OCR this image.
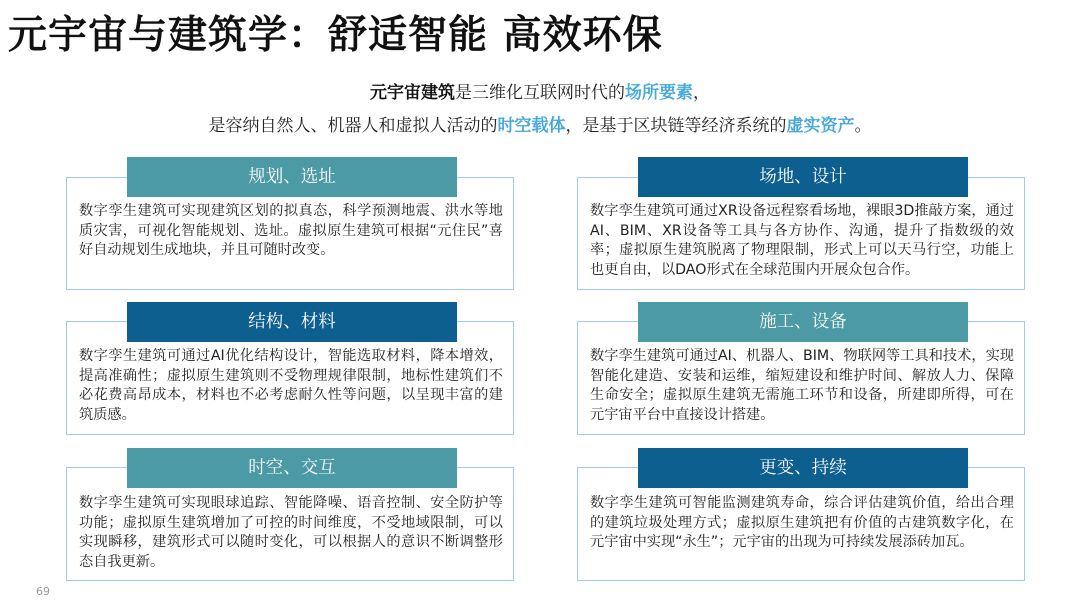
元宇宙与建筑学：舒适智能 高效环保
元宇宙建筑是三维化互联网时代的场所要素，
是容纳自然人、机器人和虚拟人活动的时空载体，是基于区块链等经济系统的虚实资产。

数字孪生建筑可实现建筑区划的拟真态，科学预测地震、洪水等地质灾害，可视化智能规划、选址。虚拟原生建筑可根据“元住民”喜好自动规划生成地块，并且可随时改变。

规划、选址

数字孪生建筑可通过AI优化结构设计，智能选取材料，降本增效，提高准确性；虚拟原生建筑则不受物理规律限制，地标性建筑们不必花费高昂成本，材料也不必考虑耐久性等问题，以呈现丰富的建筑质感。

结构、材料

数字孪生建筑可实现眼球追踪、智能降噪、语音控制、安全防护等功能；虚拟原生建筑增加了可控的时间维度，不受地域限制，可以实现瞬移，建筑形式可以随时变化，可以根据人的意识不断调整形态自我更新。

时空、交互

数字孪生建筑可通过XR设备远程察看场地，裸眼3D推敲方案，通过AI、BIM、XR设备等工具与各方协作、沟通，提升了指数级的效率；虚拟原生建筑脱离了物理限制，形式上可以天马行空，功能上也更自由，以DAO形式在全球范围内开展众包合作。

场地、设计

数字孪生建筑可通过AI、机器人、BIM、物联网等工具和技术，实现智能化建造、安装和运维，缩短建设和维护时间、解放人力、保障生命安全；虚拟原生建筑无需施工环节和设备，所建即所得，可在元宇宙平台中直接设计搭建。

施工、设备

数字孪生建筑可智能监测建筑寿命，综合评估建筑价值，给出合理的建筑垃圾处理方式；虚拟原生建筑把有价值的古建筑数字化，在元宇宙中实现“永生”；元宇宙的出现为可持续发展添砖加瓦。

更变、持续
69
